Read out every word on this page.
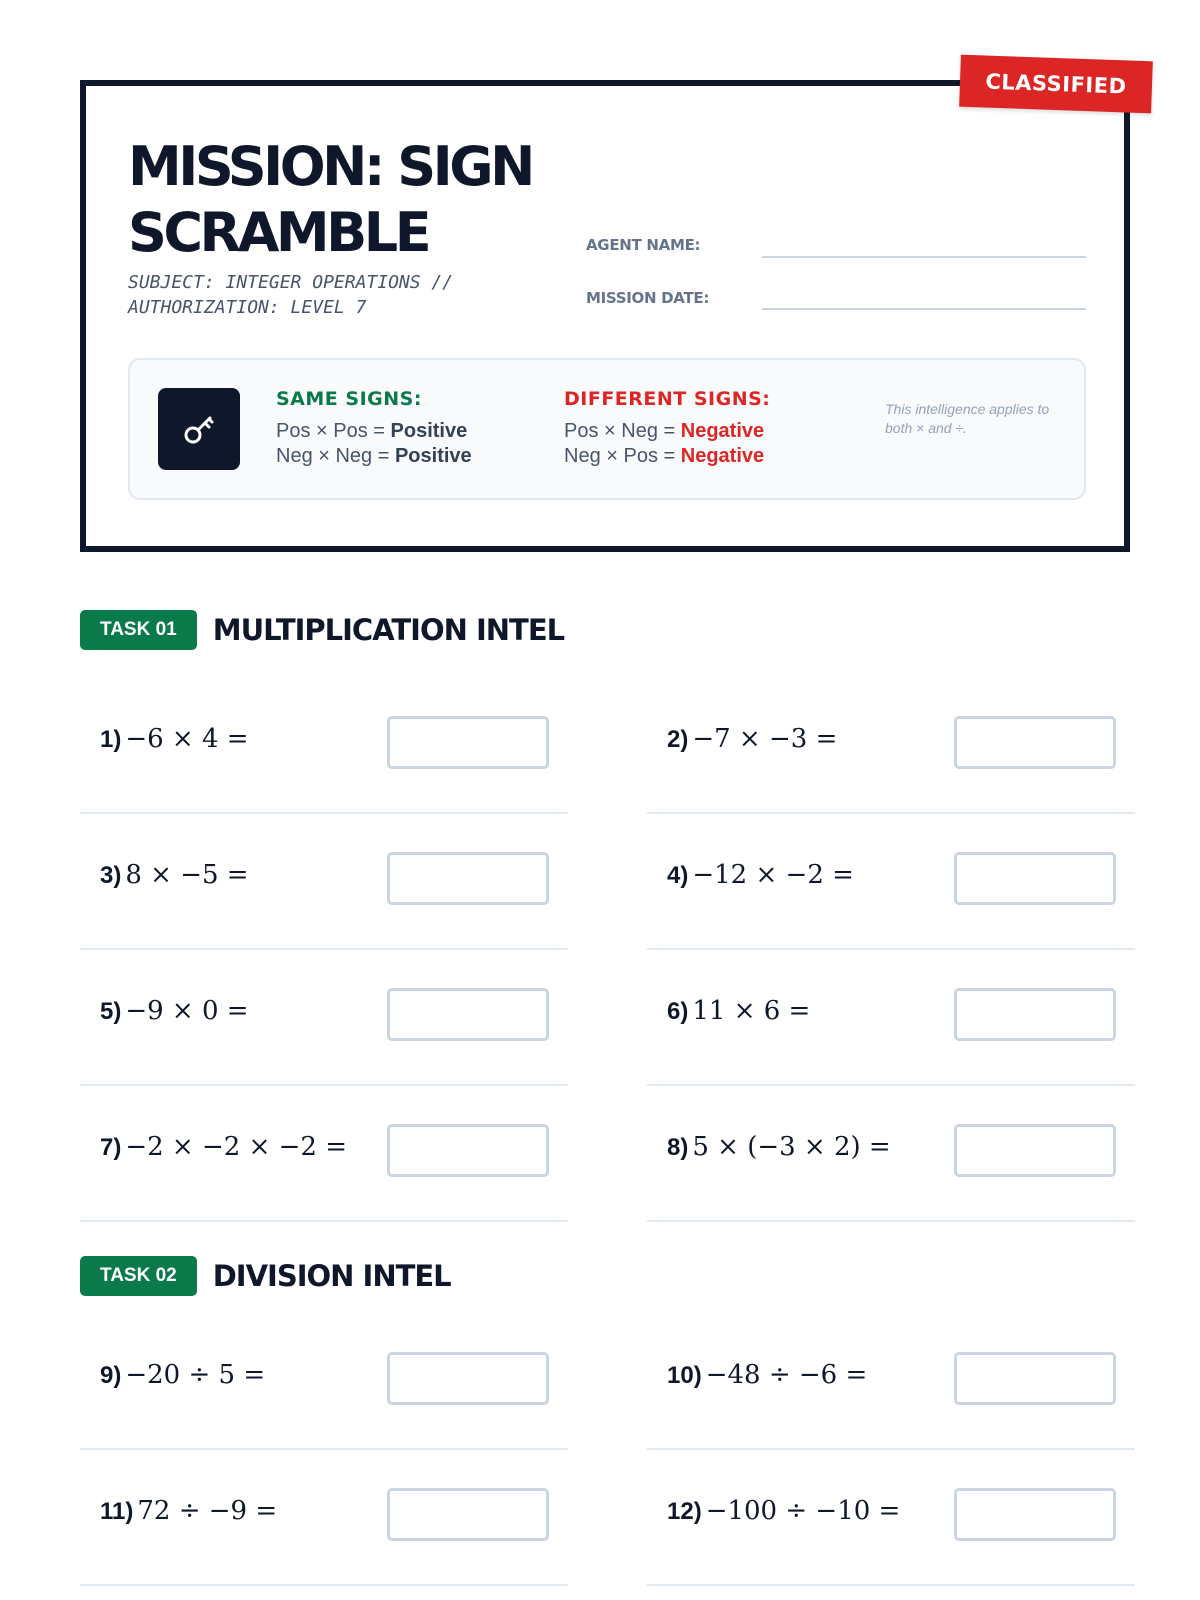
MISSION: SIGN SCRAMBLE
SUBJECT: INTEGER OPERATIONS // AUTHORIZATION: LEVEL 7
AGENT NAME:
MISSION DATE:
SAME SIGNS:
Pos × Pos = Positive
Neg × Neg = Positive
DIFFERENT SIGNS:
Pos × Neg = Negative
Neg × Pos = Negative
This intelligence applies to both × and ÷.
CLASSIFIED
TASK 01	MULTIPLICATION INTEL
1) −6 × 4 =	2) −7 × −3 =
3) 8 × −5 =	4) −12 × −2 =
5) −9 × 0 =	6) 11 × 6 =
7) −2 × −2 × −2 =	8) 5 × (−3 × 2) =
TASK 02	DIVISION INTEL
9) −20 ÷ 5 =	10) −48 ÷ −6 =
11) 72 ÷ −9 =	12) −100 ÷ −10 =
